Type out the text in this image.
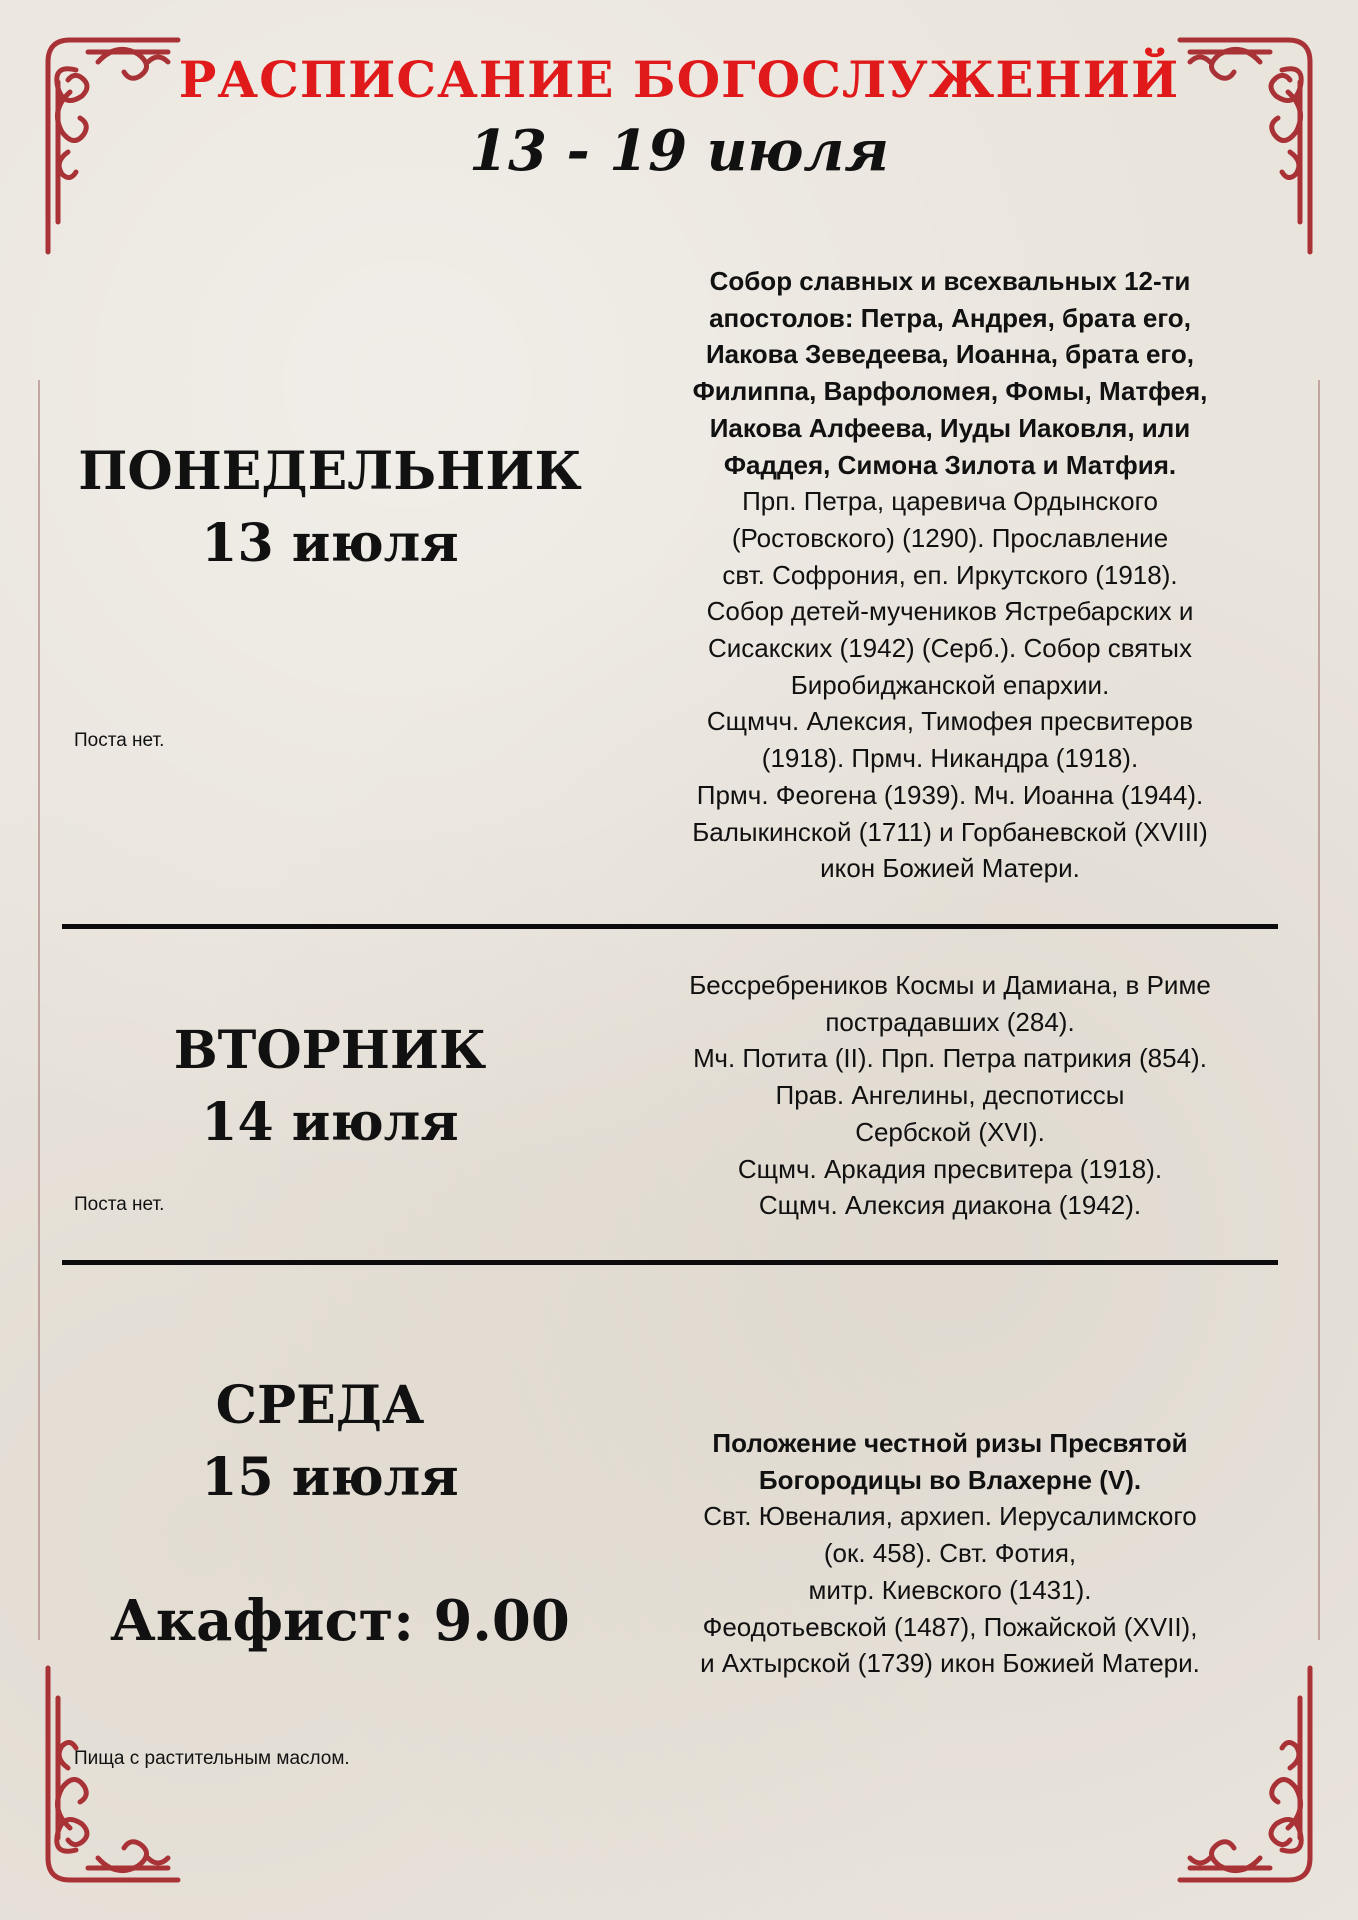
РАСПИСАНИЕ БОГОСЛУЖЕНИЙ
13 - 19 июля
ПОНЕДЕЛЬНИК
13 июля
Поста нет.
Собор славных и всехвальных 12-ти
апостолов: Петра, Андрея, брата его,
Иакова Зеведеева, Иоанна, брата его,
Филиппа, Варфоломея, Фомы, Матфея,
Иакова Алфеева, Иуды Иаковля, или
Фаддея, Симона Зилота и Матфия.
Прп. Петра, царевича Ордынского
(Ростовского) (1290). Прославление
свт. Софрония, еп. Иркутского (1918).
Собор детей-мучеников Ястребарских и
Сисакских (1942) (Серб.). Собор святых
Биробиджанской епархии.
Сщмчч. Алексия, Тимофея пресвитеров
(1918). Прмч. Никандра (1918).
Прмч. Феогена (1939). Мч. Иоанна (1944).
Балыкинской (1711) и Горбаневской (XVIII)
икон Божией Матери.
ВТОРНИК
14 июля
Поста нет.
Бессребреников Космы и Дамиана, в Риме
пострадавших (284).
Мч. Потита (II). Прп. Петра патрикия (854).
Прав. Ангелины, деспотиссы
Сербской (XVI).
Сщмч. Аркадия пресвитера (1918).
Сщмч. Алексия диакона (1942).
СРЕДА
15 июля
Акафист: 9.00
Пища с растительным маслом.
Положение честной ризы Пресвятой
Богородицы во Влахерне (V).
Свт. Ювеналия, архиеп. Иерусалимского
(ок. 458). Свт. Фотия,
митр. Киевского (1431).
Феодотьевской (1487), Пожайской (XVII),
и Ахтырской (1739) икон Божией Матери.
